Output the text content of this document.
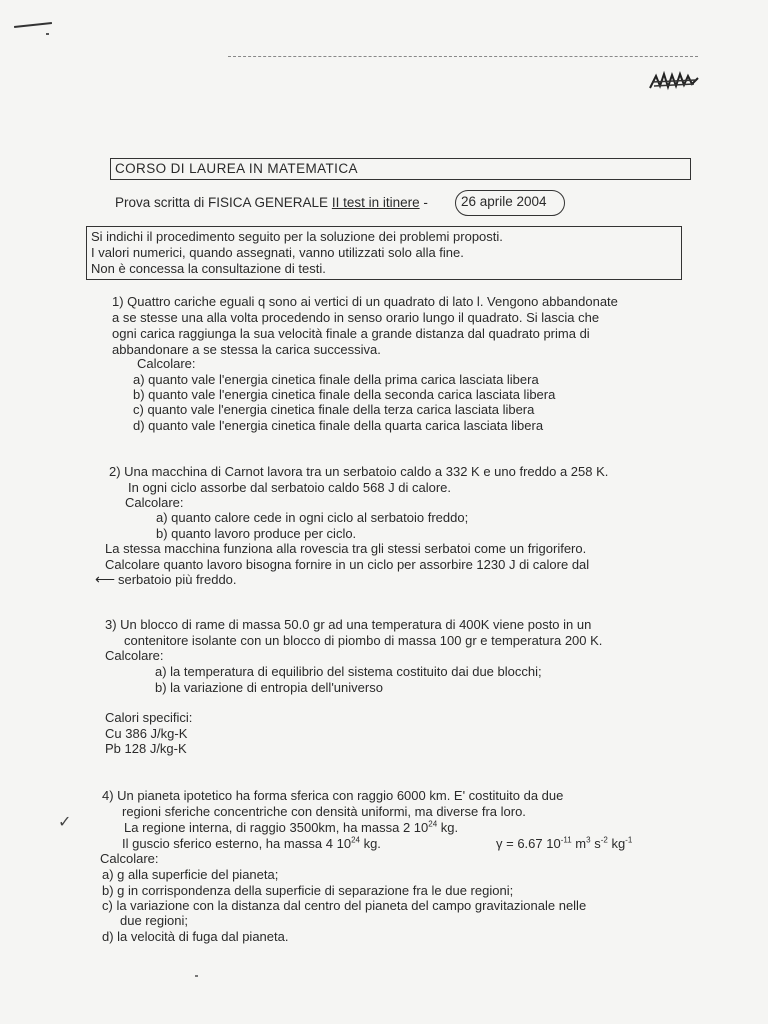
CORSO DI LAUREA IN MATEMATICA
Prova scritta di FISICA GENERALE II test in itinere - 26 aprile 2004
Si indichi il procedimento seguito per la soluzione dei problemi proposti.
I valori numerici, quando assegnati, vanno utilizzati solo alla fine.
Non è concessa la consultazione di testi.
1) Quattro cariche eguali q sono ai vertici di un quadrato di lato l. Vengono abbandonate
a se stesse una alla volta procedendo in senso orario lungo il quadrato. Si lascia che
ogni carica raggiunga la sua velocità finale a grande distanza dal quadrato prima di
abbandonare a se stessa la carica successiva.
Calcolare:
a) quanto vale l'energia cinetica finale della prima carica lasciata libera
b) quanto vale l'energia cinetica finale della seconda carica lasciata libera
c) quanto vale l'energia cinetica finale della terza carica lasciata libera
d) quanto vale l'energia cinetica finale della quarta carica lasciata libera
2) Una macchina di Carnot lavora tra un serbatoio caldo a 332 K e uno freddo a 258 K.
In ogni ciclo assorbe dal serbatoio caldo 568 J di calore.
Calcolare:
a) quanto calore cede in ogni ciclo al serbatoio freddo;
b) quanto lavoro produce per ciclo.
La stessa macchina funziona alla rovescia tra gli stessi serbatoi come un frigorifero.
Calcolare quanto lavoro bisogna fornire in un ciclo per assorbire 1230 J di calore dal
⟵ serbatoio più freddo.
3) Un blocco di rame di massa 50.0 gr ad una temperatura di 400K viene posto in un
contenitore isolante con un blocco di piombo di massa 100 gr e temperatura 200 K.
Calcolare:
a) la temperatura di equilibrio del sistema costituito dai due blocchi;
b) la variazione di entropia dell'universo
Calori specifici:
Cu 386 J/kg-K
Pb 128 J/kg-K
4) Un pianeta ipotetico ha forma sferica con raggio 6000 km. E' costituito da due
regioni sferiche concentriche con densità uniformi, ma diverse fra loro.
✓	La regione interna, di raggio 3500km, ha massa 2 $10^{24}$ kg.
Il guscio sferico esterno, ha massa 4 $10^{24}$ kg.	γ = 6.67 $10^{-11}$ $m^3$ $s^{-2}$ $kg^{-1}$
Calcolare:
a) g alla superficie del pianeta;
b) g in corrispondenza della superficie di separazione fra le due regioni;
c) la variazione con la distanza dal centro del pianeta del campo gravitazionale nelle
due regioni;
d) la velocità di fuga dal pianeta.
